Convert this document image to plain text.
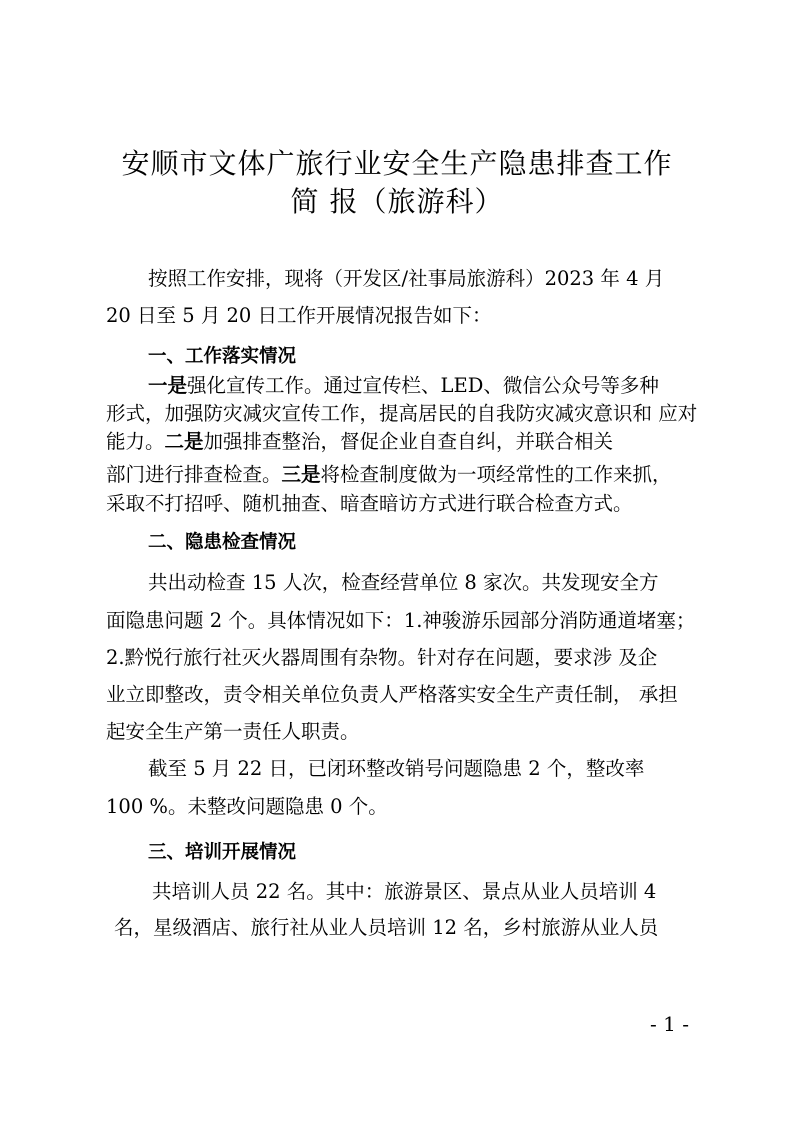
安顺市文体广旅行业安全生产隐患排查工作
简 报（旅游科）
按照工作安排，现将（开发区/社事局旅游科）2023 年 4 月
20 日至 5 月 20 日工作开展情况报告如下：
一、工作落实情况
一是强化宣传工作。通过宣传栏、LED、微信公众号等多种
形式，加强防灾减灾宣传工作，提高居民的自我防灾减灾意识和 应对
能力。二是加强排查整治，督促企业自查自纠，并联合相关
部门进行排查检查。三是将检查制度做为一项经常性的工作来抓，
采取不打招呼、随机抽查、暗查暗访方式进行联合检查方式。
二、隐患检查情况
共出动检查 15 人次，检查经营单位 8 家次。共发现安全方
面隐患问题 2 个。具体情况如下：1.神骏游乐园部分消防通道堵塞；
2.黔悦行旅行社灭火器周围有杂物。针对存在问题，要求涉 及企
业立即整改，责令相关单位负责人严格落实安全生产责任制， 承担
起安全生产第一责任人职责。
截至 5 月 22 日，已闭环整改销号问题隐患 2 个，整改率
100 %。未整改问题隐患 0 个。
三、培训开展情况
共培训人员 22 名。其中：旅游景区、景点从业人员培训 4
名，星级酒店、旅行社从业人员培训 12 名，乡村旅游从业人员
- 1 -
